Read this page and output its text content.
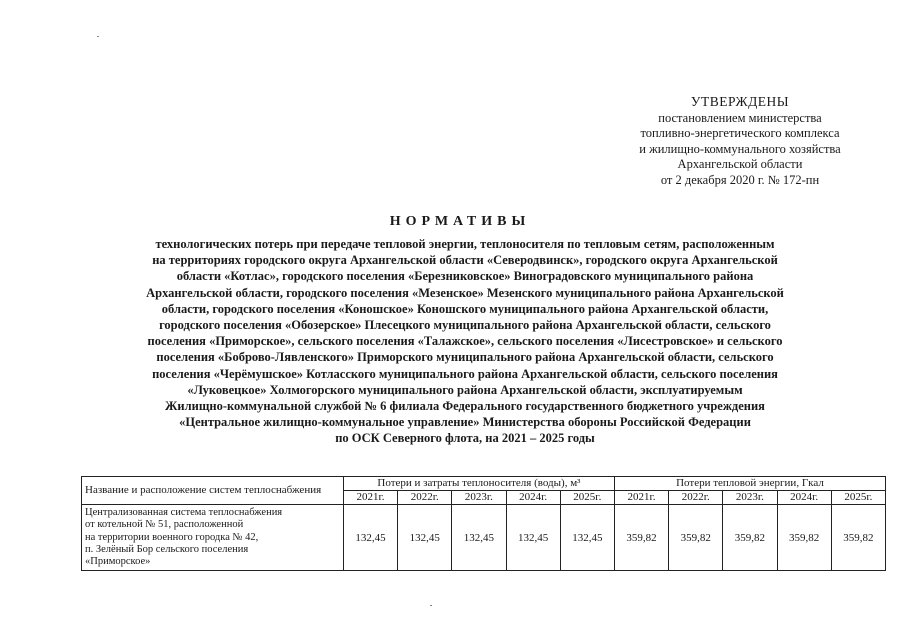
УТВЕРЖДЕНЫ
постановлением министерства
топливно-энергетического комплекса
и жилищно-коммунального хозяйства
Архангельской области
от 2 декабря 2020 г. № 172-пн
НОРМАТИВЫ
технологических потерь при передаче тепловой энергии, теплоносителя по тепловым сетям, расположенным
на территориях городского округа Архангельской области «Северодвинск», городского округа Архангельской
области «Котлас», городского поселения «Березниковское» Виноградовского муниципального района
Архангельской области, городского поселения «Мезенское» Мезенского муниципального района Архангельской
области, городского поселения «Коношское» Коношского муниципального района Архангельской области,
городского поселения «Обозерское» Плесецкого муниципального района Архангельской области, сельского
поселения «Приморское», сельского поселения «Талажское», сельского поселения «Лисестровское» и сельского
поселения «Боброво-Лявленского» Приморского муниципального района Архангельской области, сельского
поселения «Черёмушское» Котласского муниципального района Архангельской области, сельского поселения
«Луковецкое» Холмогорского муниципального района Архангельской области, эксплуатируемым
Жилищно-коммунальной службой № 6 филиала Федерального государственного бюджетного учреждения
«Центральное жилищно-коммунальное управление» Министерства обороны Российской Федерации
по ОСК Северного флота, на 2021 – 2025 годы
Название и расположение систем теплоснабжения	Потери и затраты теплоносителя (воды), м³					Потери тепловой энергии, Гкал				
	2021г.	2022г.	2023г.	2024г.	2025г.	2021г.	2022г.	2023г.	2024г.	2025г.

Централизованная система теплоснабжения
от котельной № 51, расположенной
на территории военного городка № 42,
п. Зелёный Бор сельского поселения
«Приморское»	132,45	132,45	132,45	132,45	132,45	359,82	359,82	359,82	359,82	359,82
